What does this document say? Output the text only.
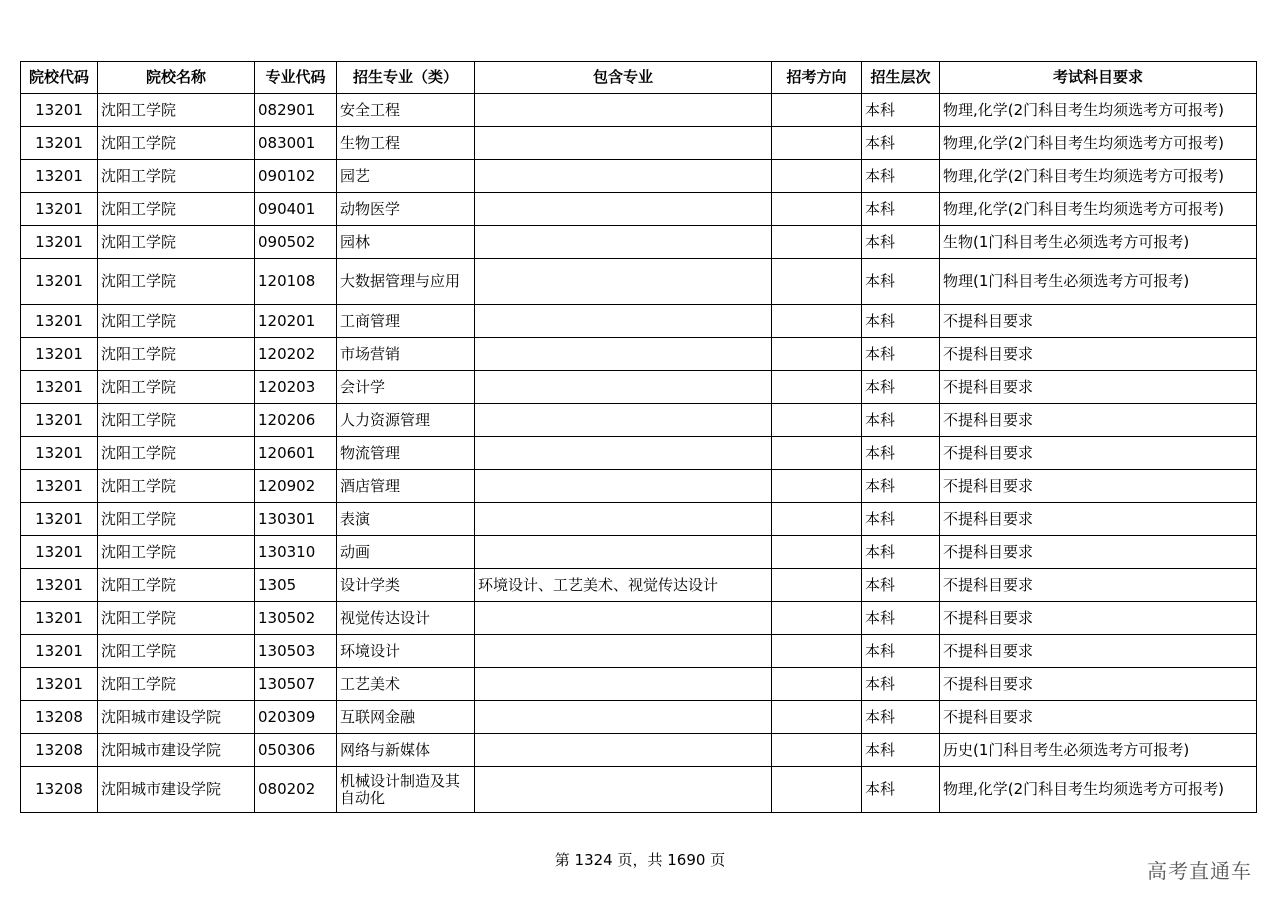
院校代码	院校名称	专业代码	招生专业（类）	包含专业	招考方向	招生层次	考试科目要求
13201	沈阳工学院	082901	安全工程			本科	物理,化学(2门科目考生均须选考方可报考)
13201	沈阳工学院	083001	生物工程			本科	物理,化学(2门科目考生均须选考方可报考)
13201	沈阳工学院	090102	园艺			本科	物理,化学(2门科目考生均须选考方可报考)
13201	沈阳工学院	090401	动物医学			本科	物理,化学(2门科目考生均须选考方可报考)
13201	沈阳工学院	090502	园林			本科	生物(1门科目考生必须选考方可报考)
13201	沈阳工学院	120108	大数据管理与应用			本科	物理(1门科目考生必须选考方可报考)
13201	沈阳工学院	120201	工商管理			本科	不提科目要求
13201	沈阳工学院	120202	市场营销			本科	不提科目要求
13201	沈阳工学院	120203	会计学			本科	不提科目要求
13201	沈阳工学院	120206	人力资源管理			本科	不提科目要求
13201	沈阳工学院	120601	物流管理			本科	不提科目要求
13201	沈阳工学院	120902	酒店管理			本科	不提科目要求
13201	沈阳工学院	130301	表演			本科	不提科目要求
13201	沈阳工学院	130310	动画			本科	不提科目要求
13201	沈阳工学院	1305	设计学类	环境设计、工艺美术、视觉传达设计		本科	不提科目要求
13201	沈阳工学院	130502	视觉传达设计			本科	不提科目要求
13201	沈阳工学院	130503	环境设计			本科	不提科目要求
13201	沈阳工学院	130507	工艺美术			本科	不提科目要求
13208	沈阳城市建设学院	020309	互联网金融			本科	不提科目要求
13208	沈阳城市建设学院	050306	网络与新媒体			本科	历史(1门科目考生必须选考方可报考)
13208	沈阳城市建设学院	080202	机械设计制造及其自动化			本科	物理,化学(2门科目考生均须选考方可报考)
第 1324 页，共 1690 页	高考直通车
